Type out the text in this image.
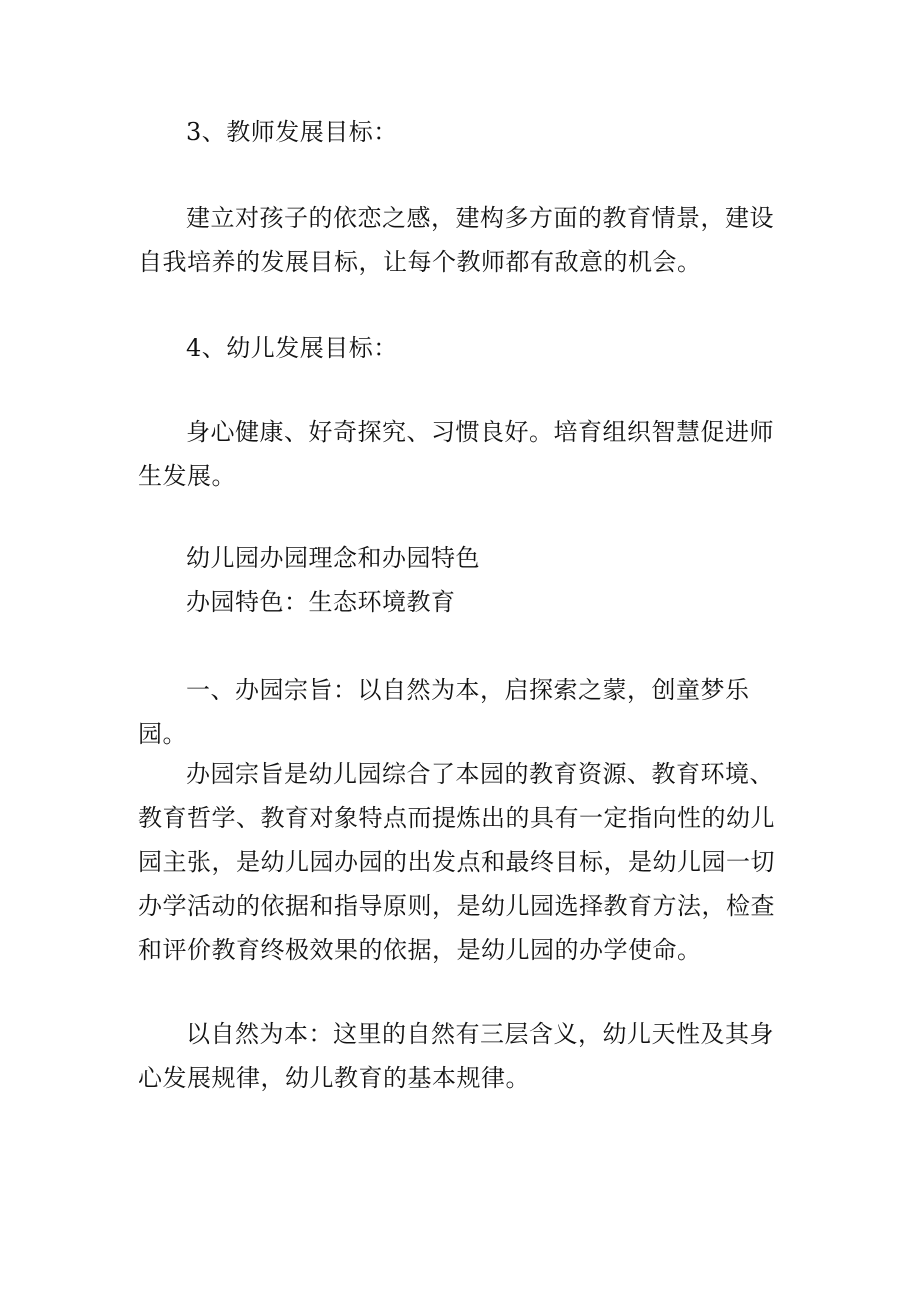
3、教师发展目标：

建立对孩子的依恋之感，建构多方面的教育情景，建设自我培养的发展目标，让每个教师都有敌意的机会。

4、幼儿发展目标：

身心健康、好奇探究、习惯良好。培育组织智慧促进师生发展。

幼儿园办园理念和办园特色

办园特色：生态环境教育

一、办园宗旨：以自然为本，启探索之蒙，创童梦乐园。

办园宗旨是幼儿园综合了本园的教育资源、教育环境、教育哲学、教育对象特点而提炼出的具有一定指向性的幼儿园主张，是幼儿园办园的出发点和最终目标，是幼儿园一切办学活动的依据和指导原则，是幼儿园选择教育方法，检查和评价教育终极效果的依据，是幼儿园的办学使命。

以自然为本：这里的自然有三层含义，幼儿天性及其身心发展规律，幼儿教育的基本规律。
